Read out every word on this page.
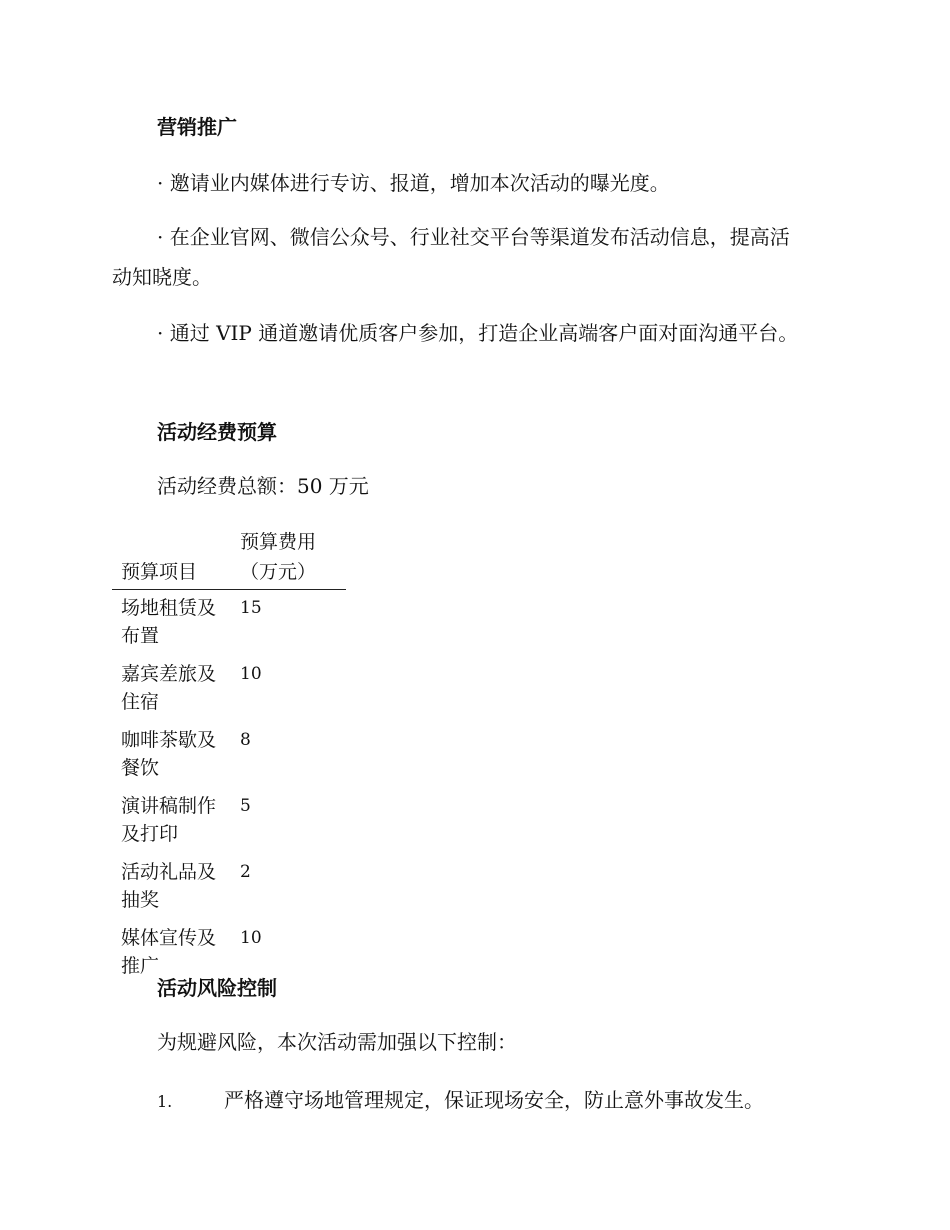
营销推广

· 邀请业内媒体进行专访、报道，增加本次活动的曝光度。

· 在企业官网、微信公众号、行业社交平台等渠道发布活动信息，提高活动知晓度。

· 通过 VIP 通道邀请优质客户参加，打造企业高端客户面对面沟通平台。

活动经费预算

活动经费总额：50 万元

预算项目	预算费用（万元）
场地租赁及布置	15
嘉宾差旅及住宿	10
咖啡茶歇及餐饮	8
演讲稿制作及打印	5
活动礼品及抽奖	2
媒体宣传及推广	10
活动风险控制

为规避风险，本次活动需加强以下控制：

1.	严格遵守场地管理规定，保证现场安全，防止意外事故发生。
